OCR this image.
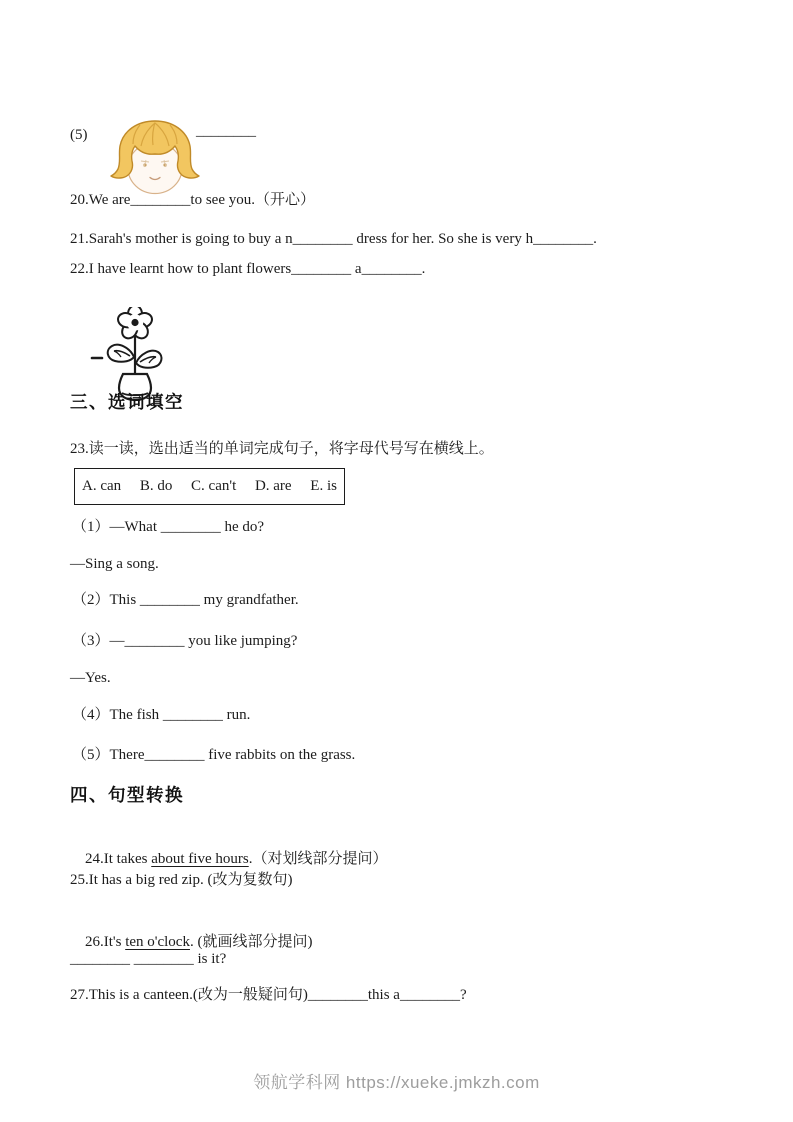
(5)

	________
20.We are________to see you.（开心）
21.Sarah's mother is going to buy a n________ dress for her. So she is very h________.
22.I have learnt how to plant flowers________ a________.

三、选词填空
23.读一读，选出适当的单词完成句子，将字母代号写在横线上。
A. can B. do C. can't D. are E. is
（1）—What ________ he do?
—Sing a song.
（2）This ________ my grandfather.
（3）—________ you like jumping?
—Yes.
（4）The fish ________ run.
（5）There________ five rabbits on the grass.
四、句型转换

24.It takes about five hours.（对划线部分提问）

25.It has a big red zip. (改为复数句)

26.It's ten o'clock. (就画线部分提问)

________ ________ is it?
27.This is a canteen.(改为一般疑问句)________this a________?
领航学科网 https://xueke.jmkzh.com
